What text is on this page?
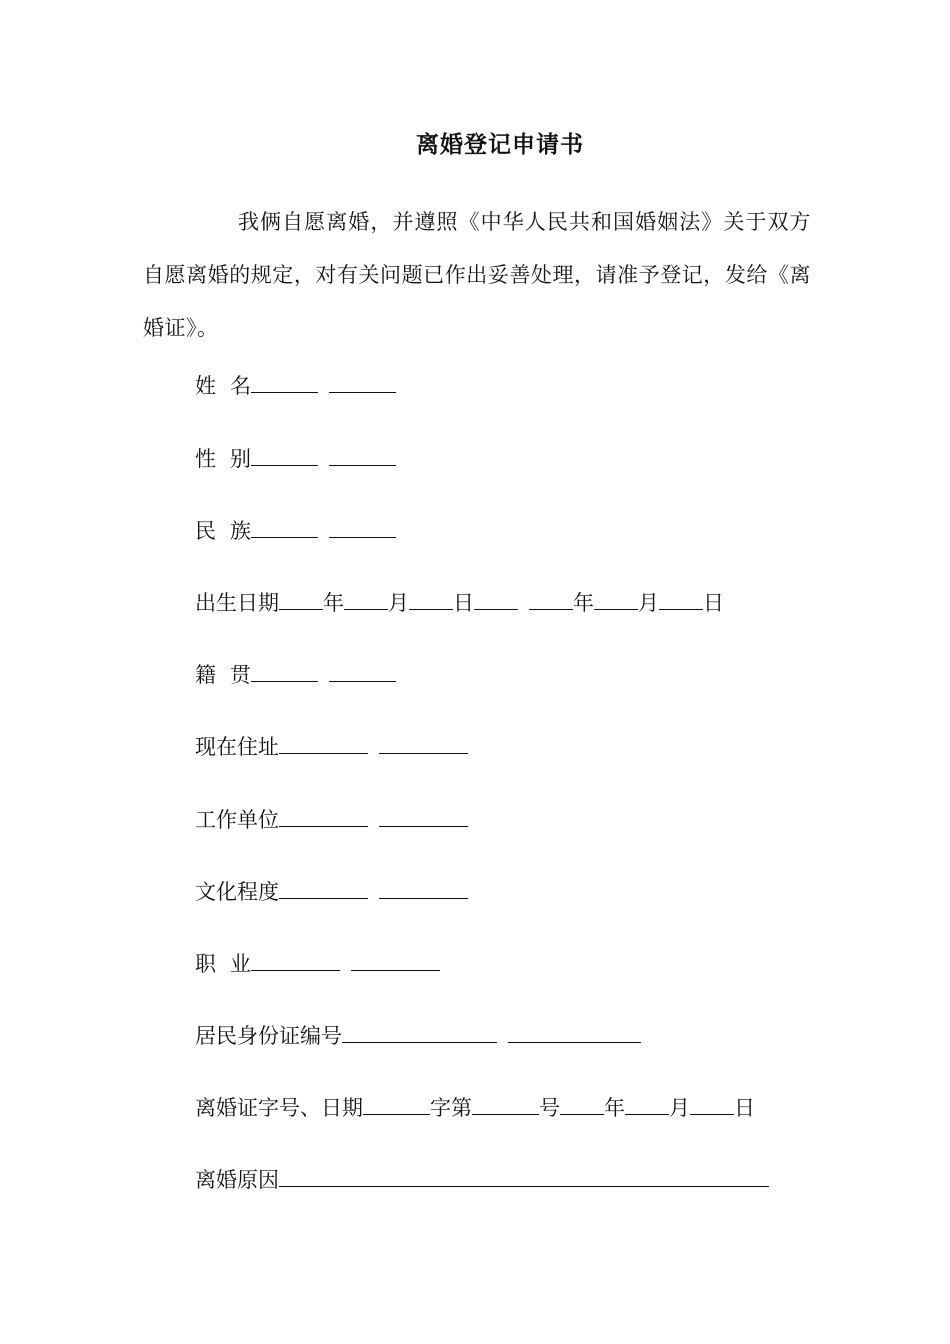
离婚登记申请书
我俩自愿离婚，并遵照《中华人民共和国婚姻法》关于双方自愿离婚的规定，对有关问题已作出妥善处理，请准予登记，发给《离婚证》。
姓 名
性 别
民 族
出生日期 年 月 日	年 月 日
籍 贯
现在住址
工作单位
文化程度
职 业
居民身份证编号
离婚证字号、日期	字第	号 年 月 日
离婚原因
